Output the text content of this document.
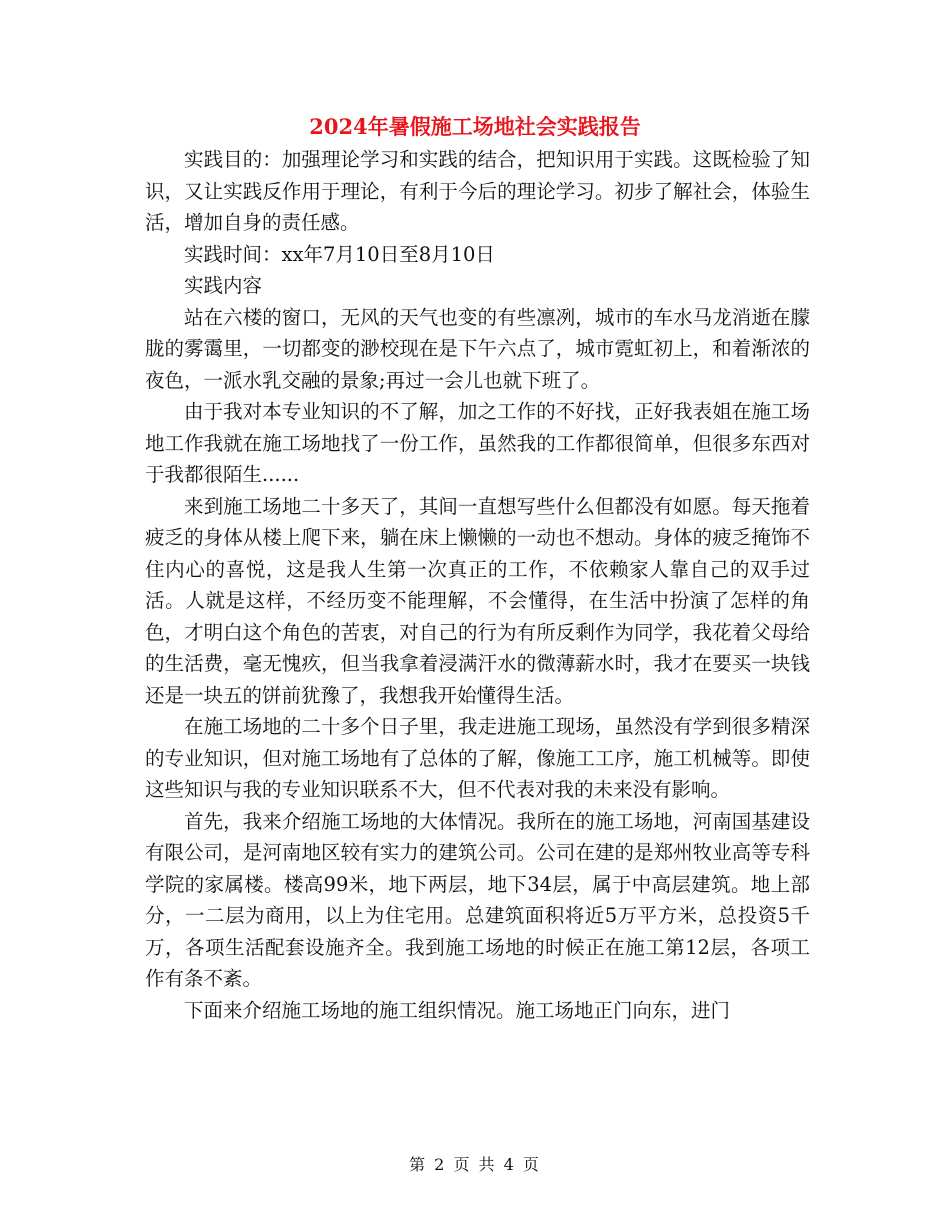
2024年暑假施工场地社会实践报告

实践目的：加强理论学习和实践的结合，把知识用于实践。这既检验了知识，又让实践反作用于理论，有利于今后的理论学习。初步了解社会，体验生活，增加自身的责任感。

实践时间：xx年7月10日至8月10日

实践内容

站在六楼的窗口，无风的天气也变的有些凛冽，城市的车水马龙消逝在朦胧的雾霭里，一切都变的渺校现在是下午六点了，城市霓虹初上，和着渐浓的夜色，一派水乳交融的景象;再过一会儿也就下班了。

由于我对本专业知识的不了解，加之工作的不好找，正好我表姐在施工场地工作我就在施工场地找了一份工作，虽然我的工作都很简单，但很多东西对于我都很陌生......

来到施工场地二十多天了，其间一直想写些什么但都没有如愿。每天拖着疲乏的身体从楼上爬下来，躺在床上懒懒的一动也不想动。身体的疲乏掩饰不住内心的喜悦，这是我人生第一次真正的工作，不依赖家人靠自己的双手过活。人就是这样，不经历变不能理解，不会懂得，在生活中扮演了怎样的角色，才明白这个角色的苦衷，对自己的行为有所反剩作为同学，我花着父母给的生活费，毫无愧疚，但当我拿着浸满汗水的微薄薪水时，我才在要买一块钱还是一块五的饼前犹豫了，我想我开始懂得生活。

在施工场地的二十多个日子里，我走进施工现场，虽然没有学到很多精深的专业知识，但对施工场地有了总体的了解，像施工工序，施工机械等。即使这些知识与我的专业知识联系不大，但不代表对我的未来没有影响。

首先，我来介绍施工场地的大体情况。我所在的施工场地，河南国基建设有限公司，是河南地区较有实力的建筑公司。公司在建的是郑州牧业高等专科学院的家属楼。楼高99米，地下两层，地下34层，属于中高层建筑。地上部分，一二层为商用，以上为住宅用。总建筑面积将近5万平方米，总投资5千万，各项生活配套设施齐全。我到施工场地的时候正在施工第12层，各项工作有条不紊。

下面来介绍施工场地的施工组织情况。施工场地正门向东，进门

第 2 页 共 4 页
